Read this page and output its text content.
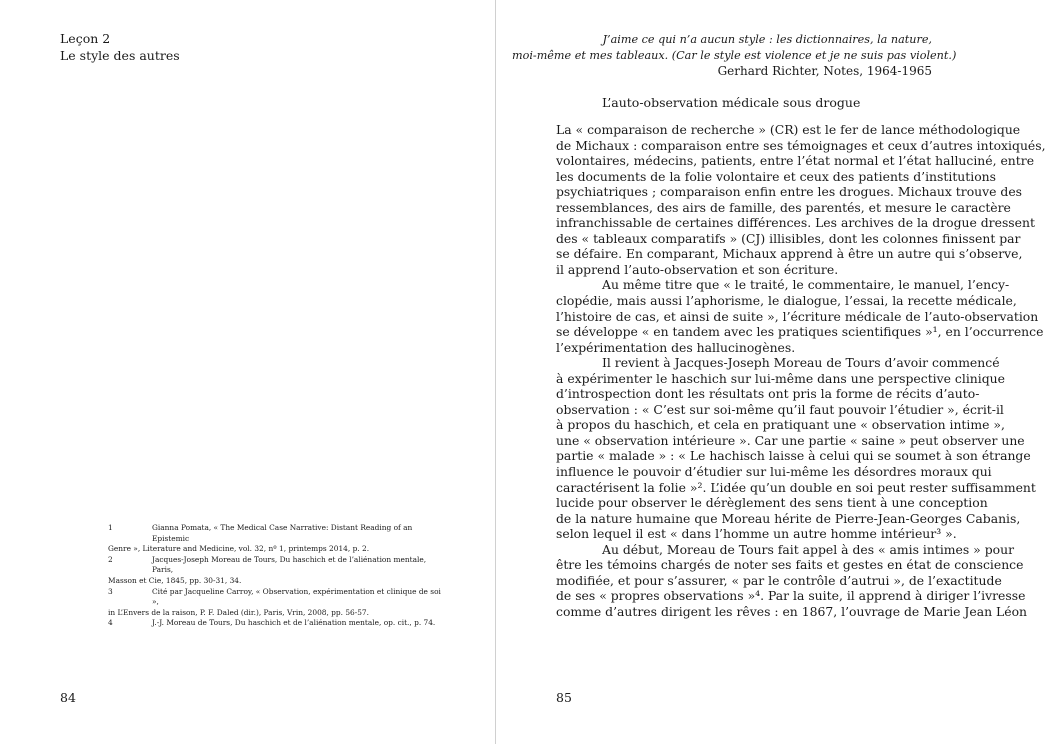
Leçon 2
Le style des autres
1	Gianna Pomata, « The Medical Case Narrative: Distant Reading of an Epistemic
Genre », Literature and Medicine, vol. 32, nº 1, printemps 2014, p. 2.
2	Jacques-Joseph Moreau de Tours, Du haschich et de l’aliénation mentale, Paris,
Masson et Cie, 1845, pp. 30-31, 34.
3	Cité par Jacqueline Carroy, « Observation, expérimentation et clinique de soi »,
in L’Envers de la raison, P. F. Daled (dir.), Paris, Vrin, 2008, pp. 56-57.
4	J.-J. Moreau de Tours, Du haschich et de l’aliénation mentale, op. cit., p. 74.
84
J’aime ce qui n’a aucun style : les dictionnaires, la nature,
moi-même et mes tableaux. (Car le style est violence et je ne suis pas violent.)
Gerhard Richter, Notes, 1964-1965
L’auto-observation médicale sous drogue
La « comparaison de recherche » (CR) est le fer de lance méthodologique
de Michaux : comparaison entre ses témoignages et ceux d’autres intoxiqués,
volontaires, médecins, patients, entre l’état normal et l’état halluciné, entre
les documents de la folie volontaire et ceux des patients d’institutions
psychiatriques ; comparaison enfin entre les drogues. Michaux trouve des
ressemblances, des airs de famille, des parentés, et mesure le caractère
infranchissable de certaines différences. Les archives de la drogue dressent
des « tableaux comparatifs » (CJ) illisibles, dont les colonnes finissent par
se défaire. En comparant, Michaux apprend à être un autre qui s’observe,
il apprend l’auto-observation et son écriture.
Au même titre que « le traité, le commentaire, le manuel, l’ency-
clopédie, mais aussi l’aphorisme, le dialogue, l’essai, la recette médicale,
l’histoire de cas, et ainsi de suite », l’écriture médicale de l’auto-observation
se développe « en tandem avec les pratiques scientifiques »¹, en l’occurrence
l’expérimentation des hallucinogènes.
Il revient à Jacques-Joseph Moreau de Tours d’avoir commencé
à expérimenter le haschich sur lui-même dans une perspective clinique
d’introspection dont les résultats ont pris la forme de récits d’auto-
observation : « C’est sur soi-même qu’il faut pouvoir l’étudier », écrit-il
à propos du haschich, et cela en pratiquant une « observation intime »,
une « observation intérieure ». Car une partie « saine » peut observer une
partie « malade » : « Le hachisch laisse à celui qui se soumet à son étrange
influence le pouvoir d’étudier sur lui-même les désordres moraux qui
caractérisent la folie »². L’idée qu’un double en soi peut rester suffisamment
lucide pour observer le dérèglement des sens tient à une conception
de la nature humaine que Moreau hérite de Pierre-Jean-Georges Cabanis,
selon lequel il est « dans l’homme un autre homme intérieur³ ».
Au début, Moreau de Tours fait appel à des « amis intimes » pour
être les témoins chargés de noter ses faits et gestes en état de conscience
modifiée, et pour s’assurer, « par le contrôle d’autrui », de l’exactitude
de ses « propres observations »⁴. Par la suite, il apprend à diriger l’ivresse
comme d’autres dirigent les rêves : en 1867, l’ouvrage de Marie Jean Léon
85
